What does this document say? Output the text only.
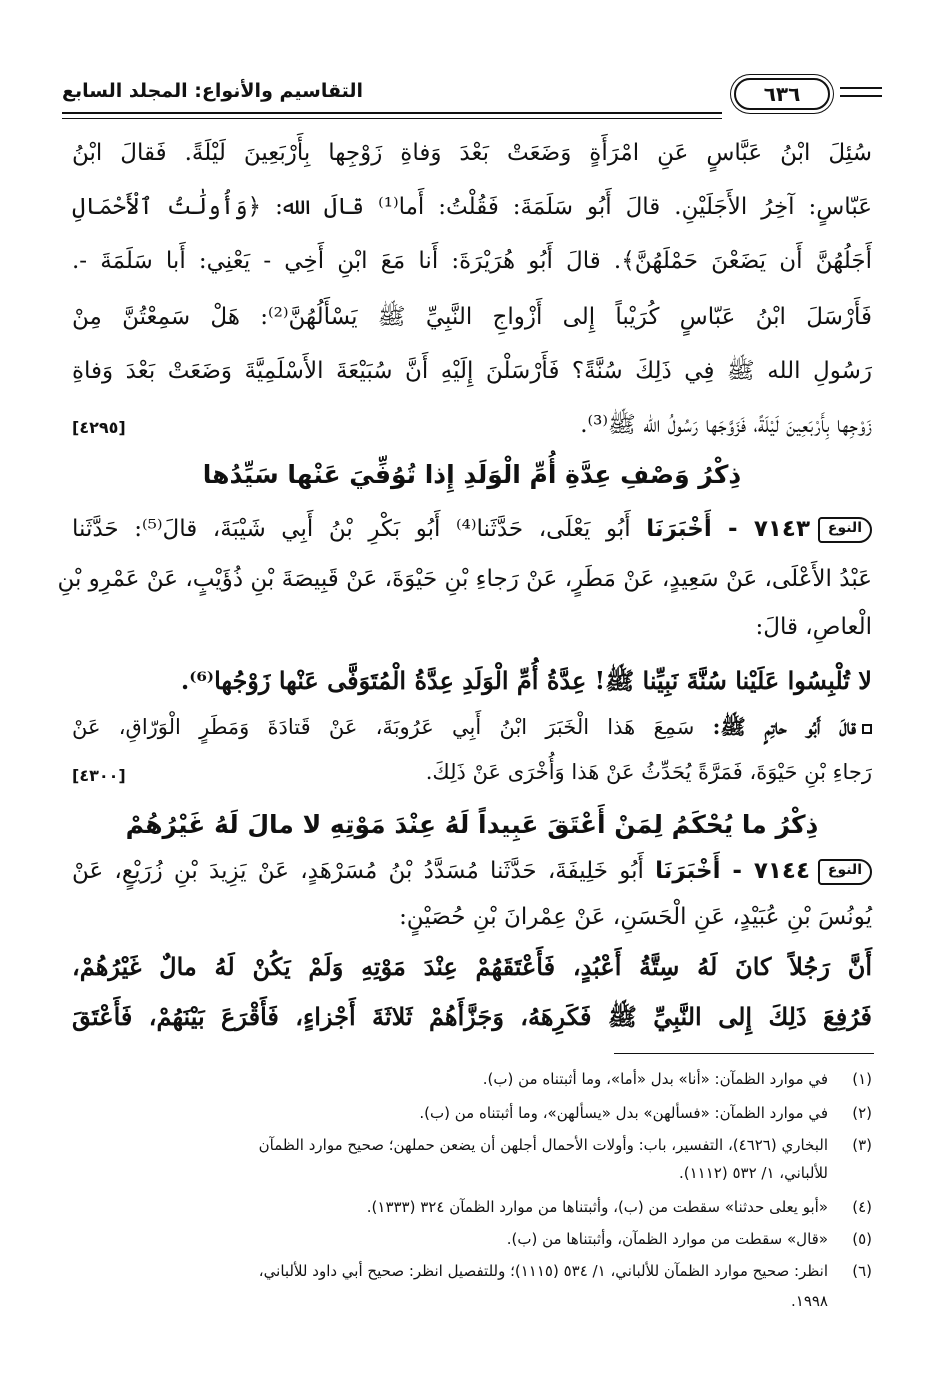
التقاسيم والأنواع: المجلد السابع	٦٣٦
سُئِلَ ابْنُ عَبَّاسٍ عَنِ امْرَأَةٍ وَضَعَتْ بَعْدَ وَفاةِ زَوْجِها بِأَرْبَعِينَ لَيْلَةً. فَقالَ ابْنُ
عَبّاسٍ: آخِرُ الأَجَلَيْنِ. قالَ أَبُو سَلَمَةَ: فَقُلْتُ: أَما⁽¹⁾ قالَ الله: ﴿وَأُولَٰتُ ٱلْأَحْمَالِ
أَجَلُهُنَّ أَن يَضَعْنَ حَمْلَهُنَّ﴾. قالَ أَبُو هُرَيْرَةَ: أَنا مَعَ ابْنِ أَخِي - يَعْنِي: أَبا سَلَمَةَ -.
فَأَرْسَلَ ابْنُ عَبّاسٍ كُرَيْباً إِلى أَزْواجِ النَّبِيِّ ﷺ يَسْأَلُهُنَّ⁽²⁾: هَلْ سَمِعْتُنَّ مِنْ
رَسُولِ الله ﷺ فِي ذَلِكَ سُنَّةً؟ فَأَرْسَلْنَ إِلَيْهِ أَنَّ سُبَيْعَةَ الأَسْلَمِيَّةَ وَضَعَتْ بَعْدَ وَفاةِ
زَوْجِها بِأَرْبَعِينَ لَيْلَةً، فَزَوَّجَها رَسُولُ الله ﷺ⁽³⁾.
[٤٢٩٥]
ذِكْرُ وَصْفِ عِدَّةِ أُمِّ الْوَلَدِ إِذا تُوُفِّيَ عَنْها سَيِّدُها
النوع
٧١٤٣ - أَخْبَرَنَا أَبُو يَعْلَى، حَدَّثَنا⁽⁴⁾ أَبُو بَكْرِ بْنُ أَبِي شَيْبَةَ، قالَ⁽⁵⁾: حَدَّثَنا
عَبْدُ الأَعْلَى، عَنْ سَعِيدٍ، عَنْ مَطَرٍ، عَنْ رَجاءِ بْنِ حَيْوَةَ، عَنْ قَبِيصَةَ بْنِ ذُؤَيْبٍ، عَنْ عَمْرِو بْنِ
الْعاصِ، قالَ:
لا تُلْبِسُوا عَلَيْنا سُنَّةَ نَبِيِّنا ﷺ! عِدَّةُ أُمِّ الْوَلَدِ عِدَّةُ الْمُتَوَفَّى عَنْها زَوْجُها⁽⁶⁾.
قالَ أَبُو حاتِمٍ ﷺ: سَمِعَ هَذا الْخَبَرَ ابْنُ أَبِي عَرُوبَةَ، عَنْ قَتادَةَ وَمَطَرٍ الْوَرّاقِ، عَنْ
رَجاءِ بْنِ حَيْوَةَ، فَمَرَّةً يُحَدِّثُ عَنْ هَذا وَأُخْرَى عَنْ ذَلِكَ.
[٤٣٠٠]
ذِكْرُ ما يُحْكَمُ لِمَنْ أَعْتَقَ عَبِيداً لَهُ عِنْدَ مَوْتِهِ لا مالَ لَهُ غَيْرُهُمْ
النوع
٧١٤٤ - أَخْبَرَنَا أَبُو خَلِيفَةَ، حَدَّثَنا مُسَدَّدُ بْنُ مُسَرْهَدٍ، عَنْ يَزِيدَ بْنِ زُرَيْعٍ، عَنْ
يُونُسَ بْنِ عُبَيْدٍ، عَنِ الْحَسَنِ، عَنْ عِمْرانَ بْنِ حُصَيْنٍ:
أَنَّ رَجُلاً كانَ لَهُ سِتَّةُ أَعْبُدٍ، فَأَعْتَقَهُمْ عِنْدَ مَوْتِهِ وَلَمْ يَكُنْ لَهُ مالٌ غَيْرُهُمْ،
فَرُفِعَ ذَلِكَ إِلى النَّبِيِّ ﷺ فَكَرِهَهُ، وَجَزَّأَهُمْ ثَلاثَةَ أَجْزاءٍ، فَأَقْرَعَ بَيْنَهُمْ، فَأَعْتَقَ
(١)في موارد الظمآن: «أنا» بدل «أما»، وما أثبتناه من (ب).
(٢)في موارد الظمآن: «فسألهن» بدل «يسألهن»، وما أثبتناه من (ب).
(٣)البخاري (٤٦٢٦)، التفسير، باب: وأولات الأحمال أجلهن أن يضعن حملهن؛ صحيح موارد الظمآن
للألباني، ١/ ٥٣٢ (١١١٢).
(٤)«أبو يعلى حدثنا» سقطت من (ب)، وأثبتناها من موارد الظمآن ٣٢٤ (١٣٣٣).
(٥)«قال» سقطت من موارد الظمآن، وأثبتناها من (ب).
(٦)انظر: صحيح موارد الظمآن للألباني، ١/ ٥٣٤ (١١١٥)؛ وللتفصيل انظر: صحيح أبي داود للألباني،
١٩٩٨.
